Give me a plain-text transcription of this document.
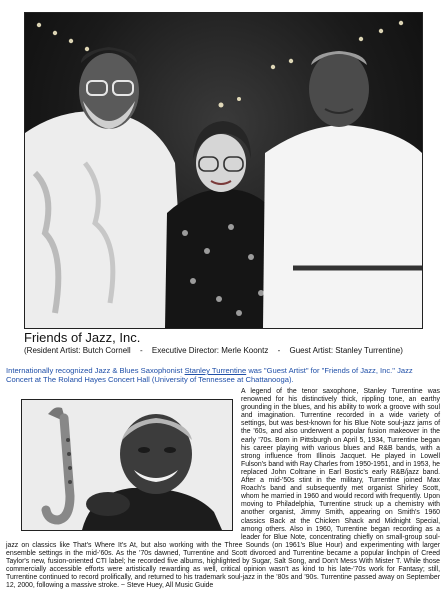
Friends of Jazz, Inc.
(Resident Artist: Butch Cornell - Executive Director: Merle Koontz - Guest Artist: Stanley Turrentine)
Internationally recognized Jazz & Blues Saxophonist Stanley Turrentine was "Guest Artist" for "Friends of Jazz, Inc." Jazz Concert at The Roland Hayes Concert Hall (University of Tennessee at Chattanooga).

A legend of the tenor saxophone, Stanley Turrentine was renowned for his distinctively thick, rippling tone, an earthy grounding in the blues, and his ability to work a groove with soul and imagination. Turrentine recorded in a wide variety of settings, but was best-known for his Blue Note soul-jazz jams of the '60s, and also underwent a popular fusion makeover in the early '70s. Born in Pittsburgh on April 5, 1934, Turrentine began his career playing with various blues and R&B bands, with a strong influence from Illinois Jacquet. He played in Lowell Fulson's band with Ray Charles from 1950-1951, and in 1953, he replaced John Coltrane in Earl Bostic's early R&B/jazz band. After a mid-'50s stint in the military, Turrentine joined Max Roach's band and subsequently met organist Shirley Scott, whom he married in 1960 and would record with frequently. Upon moving to Philadelphia, Turrentine struck up a chemistry with another organist, Jimmy Smith, appearing on Smith's 1960 classics Back at the Chicken Shack and Midnight Special, among others. Also in 1960, Turrentine began recording as a leader for Blue Note, concentrating chiefly on small-group soul-jazz on classics like That's Where It's At, but also working with the Three Sounds (on 1961's Blue Hour) and experimenting with larger ensemble settings in the mid-'60s. As the '70s dawned, Turrentine and Scott divorced and Turrentine became a popular linchpin of Creed Taylor's new, fusion-oriented CTI label; he recorded five albums, highlighted by Sugar, Salt Song, and Don't Mess With Mister T. While those commercially accessible efforts were artistically rewarding as well, critical opinion wasn't as kind to his late-'70s work for Fantasy; still, Turrentine continued to record prolifically, and returned to his trademark soul-jazz in the '80s and '90s. Turrentine passed away on September 12, 2000, following a massive stroke. ~ Steve Huey, All Music Guide
